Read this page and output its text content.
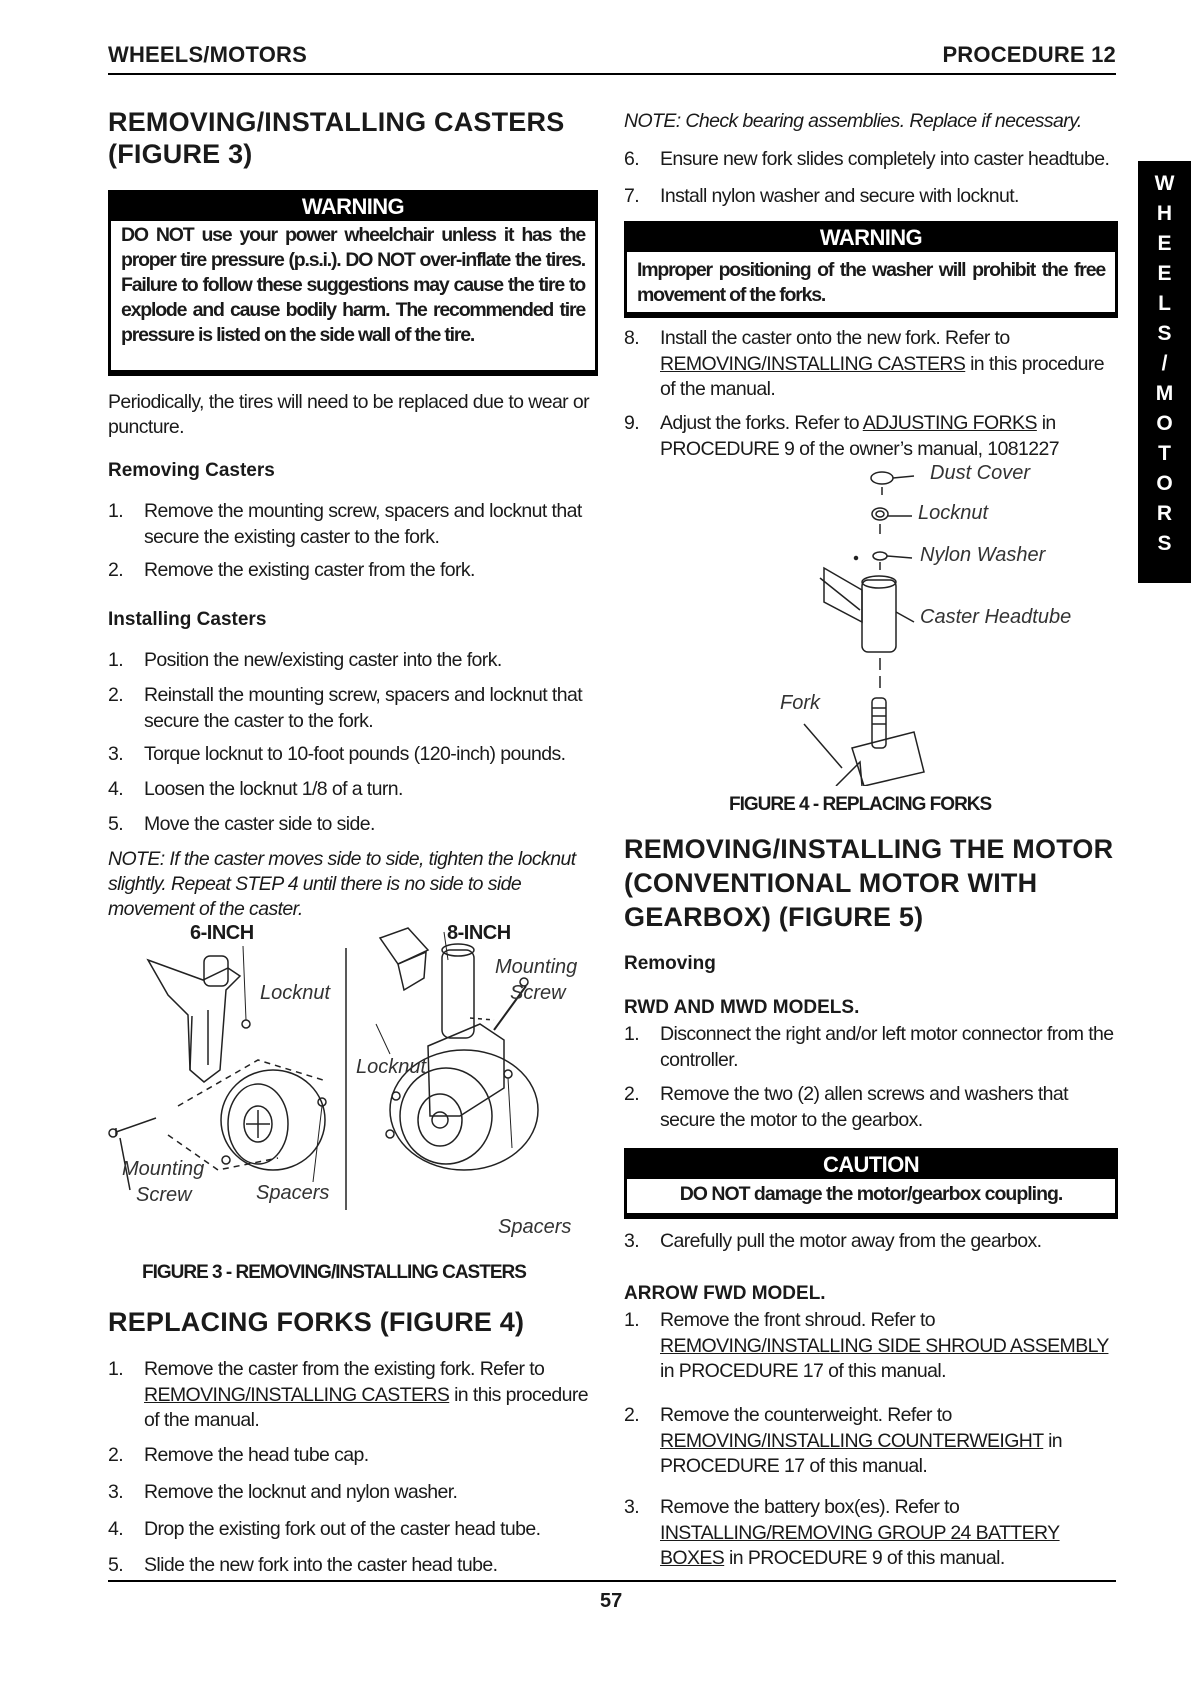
WHEELS/MOTORS	PROCEDURE 12
W
H
E
E
L
S
/
M
O
T
O
R
S
REMOVING/INSTALLING CASTERS (FIGURE 3)
WARNING
DO NOT use your power wheelchair unless it has the proper tire pressure (p.s.i.). DO NOT over-inflate the tires. Failure to follow these suggestions may cause the tire to explode and cause bodily harm. The recommended tire pressure is listed on the side wall of the tire.
Periodically, the tires will need to be replaced due to wear or puncture.
Removing Casters
1. Remove the mounting screw, spacers and locknut that secure the existing caster to the fork.
2. Remove the existing caster from the fork.
Installing Casters
1. Position the new/existing caster into the fork.
2. Reinstall the mounting screw, spacers and locknut that secure the caster to the fork.
3. Torque locknut to 10-foot pounds (120-inch) pounds.
4. Loosen the locknut 1/8 of a turn.
5. Move the caster side to side.
NOTE: If the caster moves side to side, tighten the locknut slightly. Repeat STEP 4 until there is no side to side movement of the caster.
6-INCH	8-INCH
Locknut
Locknut
Mounting
Screw
Mounting
Screw	Spacers
Spacers
FIGURE 3 - REMOVING/INSTALLING CASTERS
REPLACING FORKS (FIGURE 4)
1. Remove the caster from the existing fork. Refer to REMOVING/INSTALLING CASTERS in this procedure of the manual.
2. Remove the head tube cap.
3. Remove the locknut and nylon washer.
4. Drop the existing fork out of the caster head tube.
5. Slide the new fork into the caster head tube.
NOTE: Check bearing assemblies. Replace if necessary.
6. Ensure new fork slides completely into caster headtube.
7. Install nylon washer and secure with locknut.
WARNING
Improper positioning of the washer will prohibit the free movement of the forks.
8. Install the caster onto the new fork. Refer to REMOVING/INSTALLING CASTERS in this procedure of the manual.
9. Adjust the forks. Refer to ADJUSTING FORKS in PROCEDURE 9 of the owner’s manual, 1081227
Dust Cover
Locknut
Nylon Washer
Caster Headtube
Fork
FIGURE 4 - REPLACING FORKS
REMOVING/INSTALLING THE MOTOR (CONVENTIONAL MOTOR WITH GEARBOX) (FIGURE 5)
Removing
RWD AND MWD MODELS.
1. Disconnect the right and/or left motor connector from the controller.
2. Remove the two (2) allen screws and washers that secure the motor to the gearbox.
CAUTION
DO NOT damage the motor/gearbox coupling.
3. Carefully pull the motor away from the gearbox.
ARROW FWD MODEL.
1. Remove the front shroud. Refer to REMOVING/INSTALLING SIDE SHROUD ASSEMBLY in PROCEDURE 17 of this manual.
2. Remove the counterweight. Refer to REMOVING/INSTALLING COUNTERWEIGHT in PROCEDURE 17 of this manual.
3. Remove the battery box(es). Refer to INSTALLING/REMOVING GROUP 24 BATTERY BOXES in PROCEDURE 9 of this manual.
57
